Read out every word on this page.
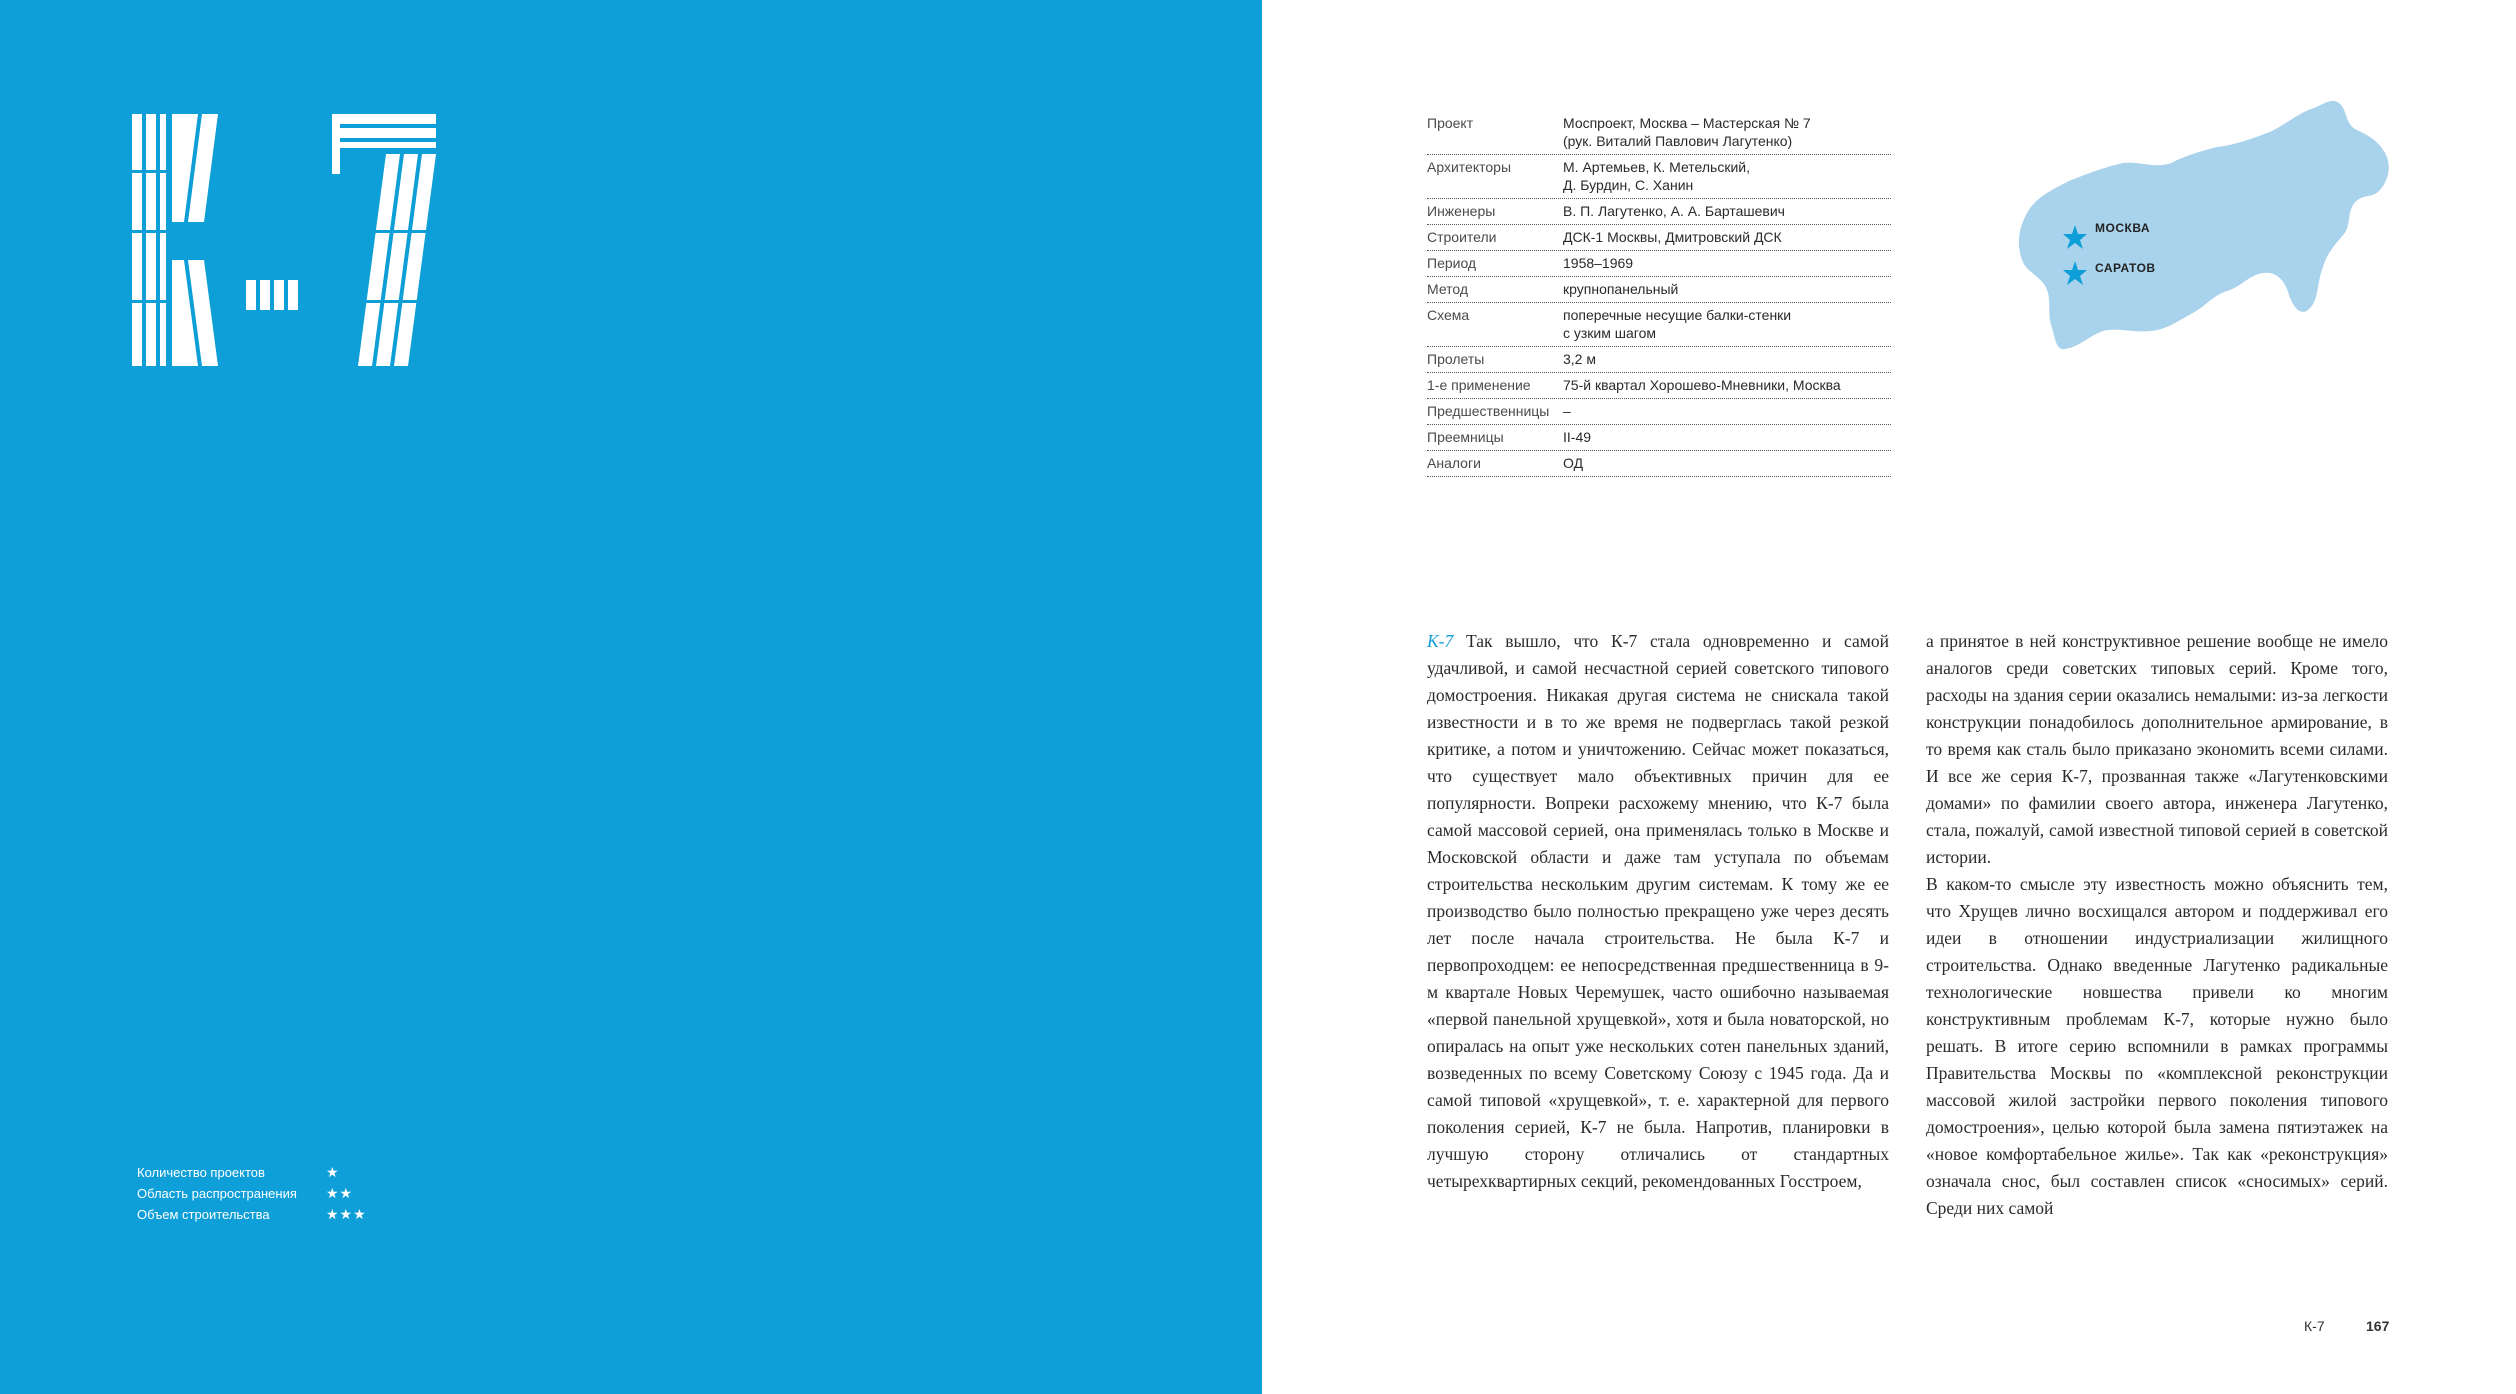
Количество проектов	★
Область распространения	★★
Объем строительства	★★★
Проект	Моспроект, Москва – Мастерская № 7
(рук. Виталий Павлович Лагутенко)
Архитекторы	М. Артемьев, К. Метельский,
Д. Бурдин, С. Ханин
Инженеры	В. П. Лагутенко, А. А. Барташевич
Строители	ДСК-1 Москвы, Дмитровский ДСК
Период	1958–1969
Метод	крупнопанельный
Схема	поперечные несущие балки-стенки
с узким шагом
Пролеты	3,2 м
1-е применение	75-й квартал Хорошево-Мневники, Москва
Предшественницы –
Преемницы	II-49
Аналоги	ОД
МОСКВА
САРАТОВ

К-7 Так вышло, что К-7 стала одновременно и самой удачливой, и самой несчастной серией советского типового домостроения. Никакая другая система не снискала такой известности и в то же время не подверглась такой резкой критике, а потом и уничтожению. Сейчас может показаться, что существует мало объективных причин для ее популярности. Вопреки расхожему мнению, что К-7 была самой массовой серией, она применялась только в Москве и Московской области и даже там уступала по объемам строительства нескольким другим системам. К тому же ее производство было полностью прекращено уже через десять лет после начала строительства. Не была К-7 и первопроходцем: ее непосредственная предшественница в 9-м квартале Новых Черемушек, часто ошибочно называемая «первой панельной хрущевкой», хотя и была новаторской, но опиралась на опыт уже нескольких сотен панельных зданий, возведенных по всему Советскому Союзу с 1945 года. Да и самой типовой «хрущевкой», т. е. характерной для первого поколения серией, К-7 не была. Напротив, планировки в лучшую сторону отличались от стандартных четырехквартирных секций, рекомендованных Госстроем,

а принятое в ней конструктивное решение вообще не имело аналогов среди советских типовых серий. Кроме того, расходы на здания серии оказались немалыми: из-за легкости конструкции понадобилось дополнительное армирование, в то время как сталь было приказано экономить всеми силами. И все же серия К-7, прозванная также «Лагутенковскими домами» по фамилии своего автора, инженера Лагутенко, стала, пожалуй, самой известной типовой серией в советской истории.

В каком-то смысле эту известность можно объяснить тем, что Хрущев лично восхищался автором и поддерживал его идеи в отношении индустриализации жилищного строительства. Однако введенные Лагутенко радикальные технологические новшества привели ко многим конструктивным проблемам К-7, которые нужно было решать. В итоге серию вспомнили в рамках программы Правительства Москвы по «комплексной реконструкции массовой жилой застройки первого поколения типового домостроения», целью которой была замена пятиэтажек на «новое комфортабельное жилье». Так как «реконструкция» означала снос, был составлен список «сносимых» серий. Среди них самой

К-7	167
